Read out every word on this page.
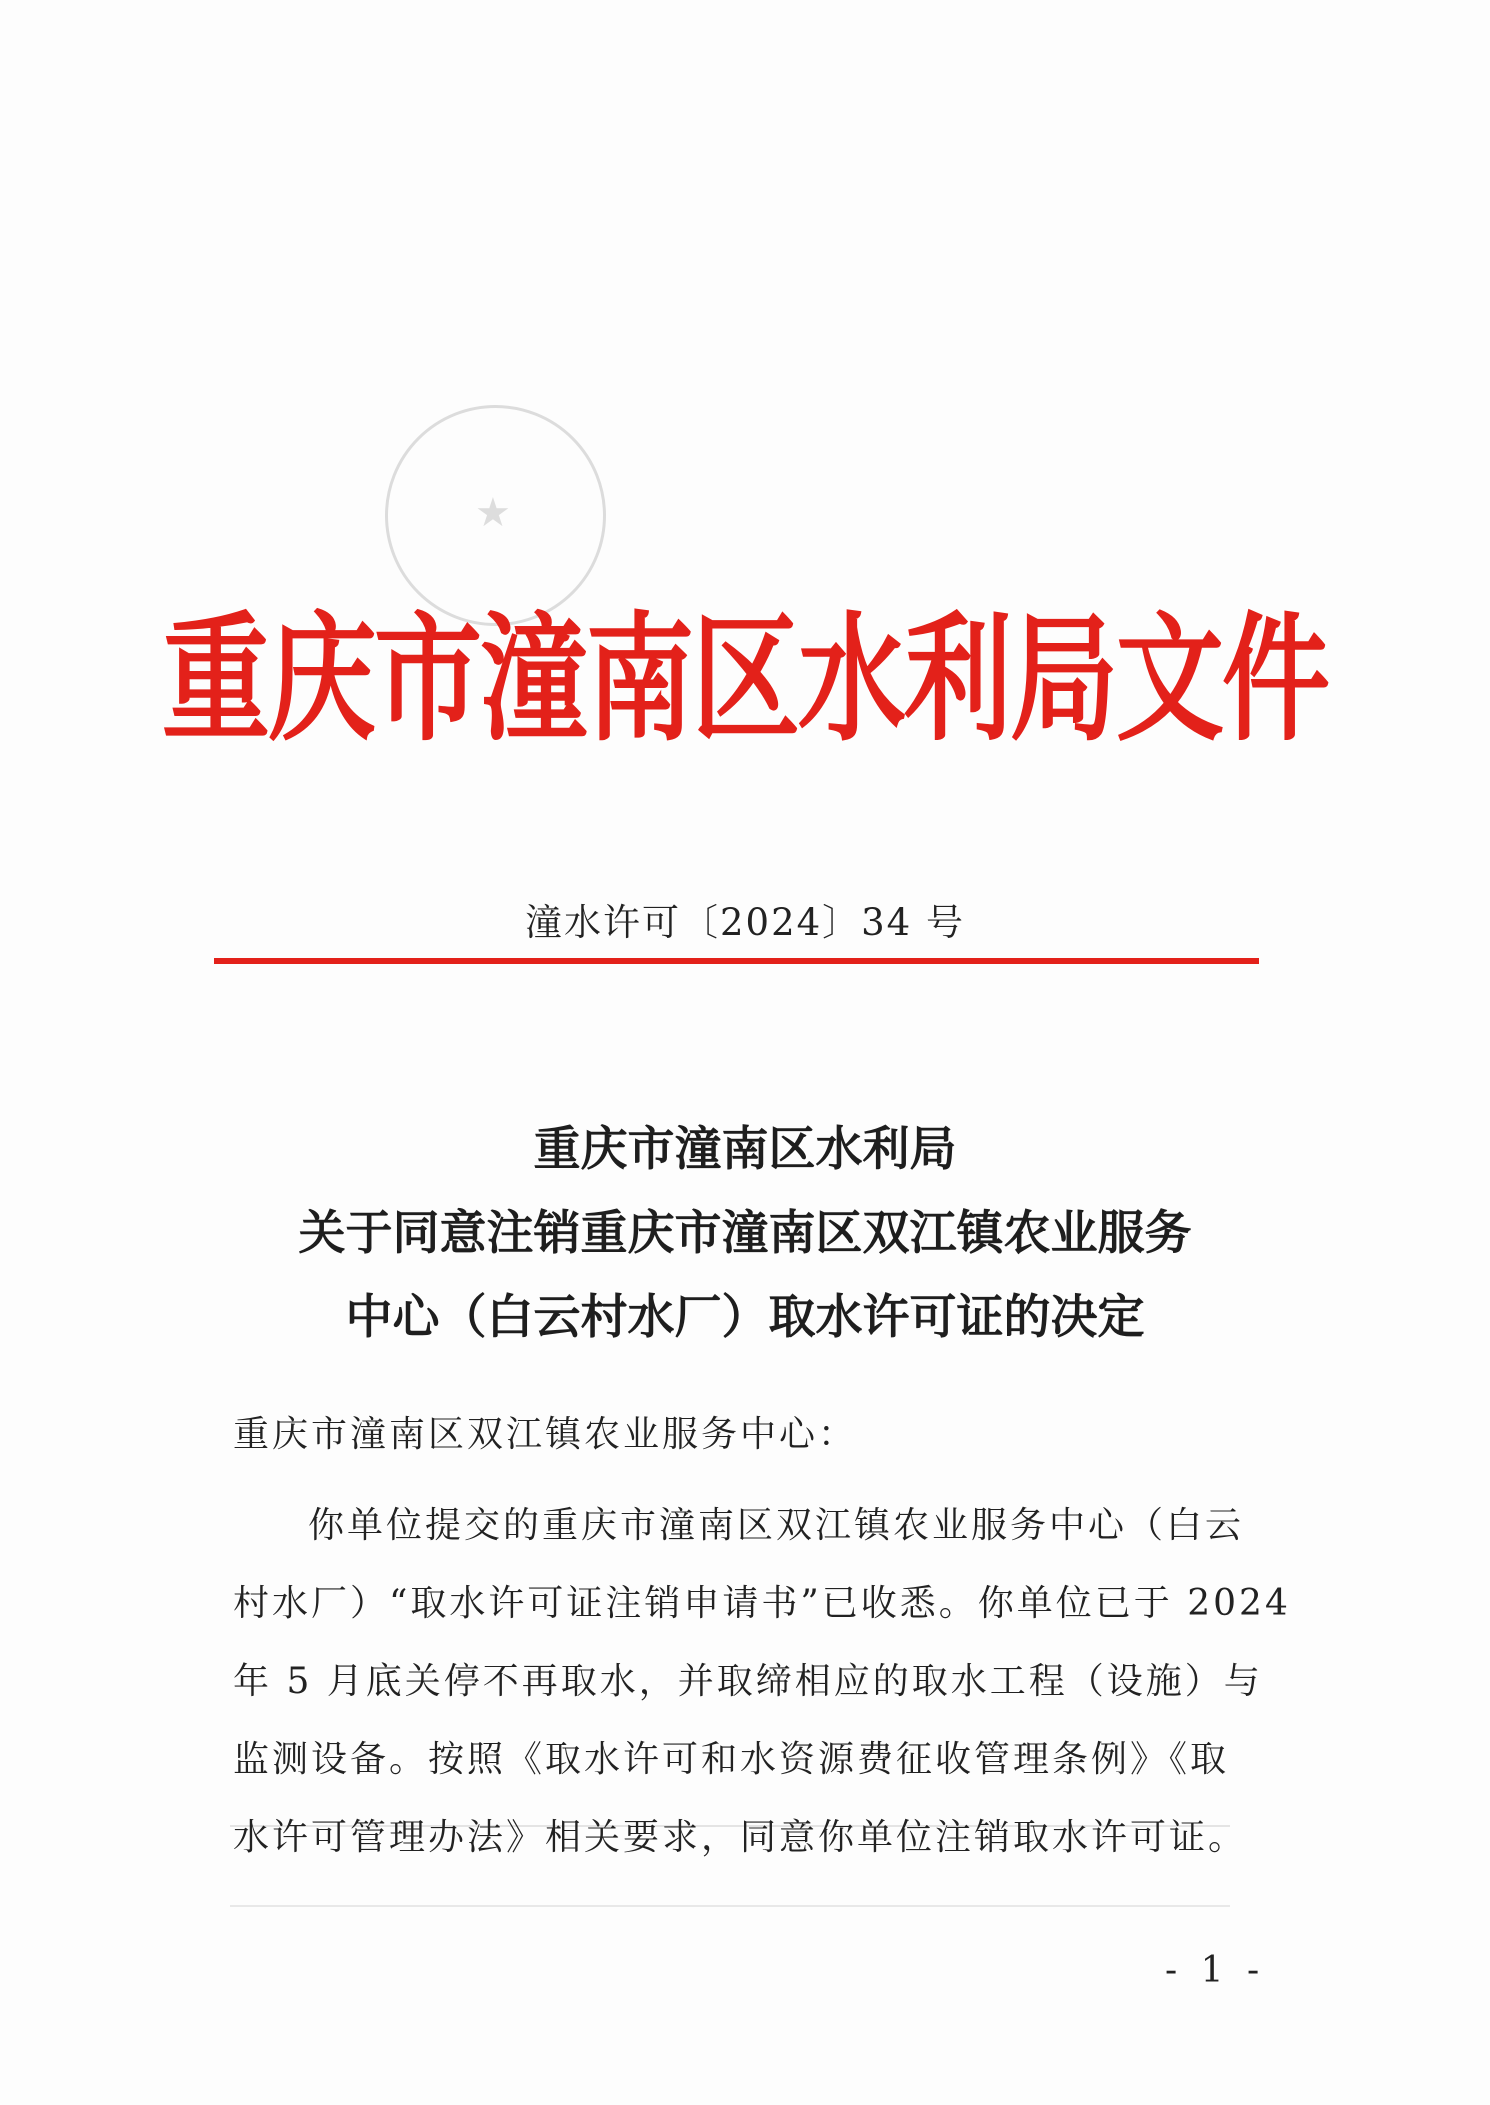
★
重庆市潼南区水利局文件
潼水许可〔2024〕34 号
重庆市潼南区水利局
关于同意注销重庆市潼南区双江镇农业服务
中心（白云村水厂）取水许可证的决定
重庆市潼南区双江镇农业服务中心：
你单位提交的重庆市潼南区双江镇农业服务中心（白云
村水厂）“取水许可证注销申请书”已收悉。你单位已于 2024
年 5 月底关停不再取水，并取缔相应的取水工程（设施）与
监测设备。按照《取水许可和水资源费征收管理条例》《取
水许可管理办法》相关要求，同意你单位注销取水许可证。
- 1 -
